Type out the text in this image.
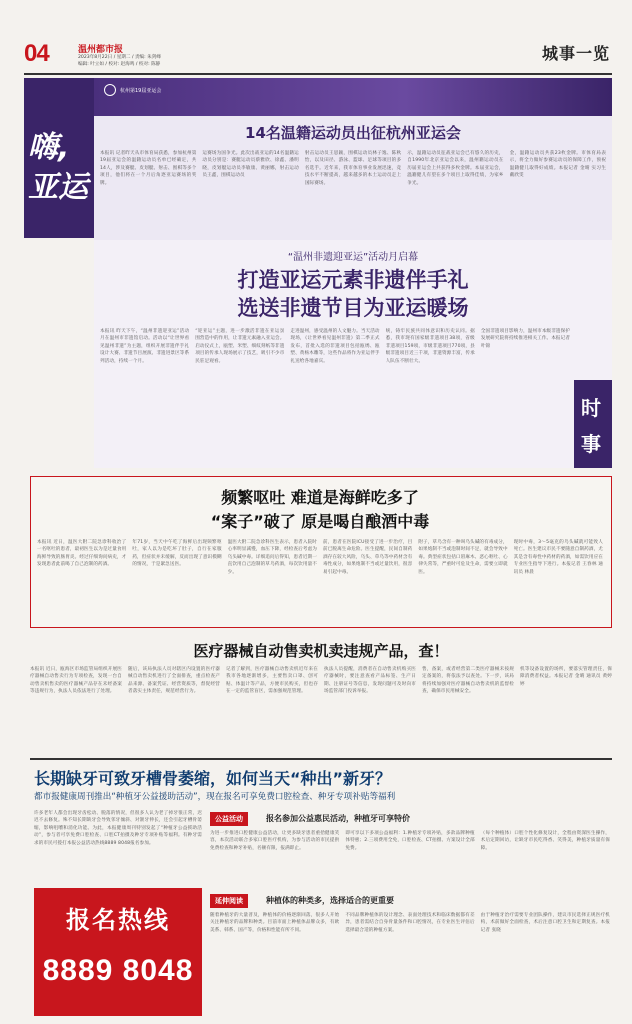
04	温州都市报
2023年8月22日 / 星期二 / 责编: 朱剑峰
编辑: 叶立如 / 校对: 赵海鸣 / 校对: 陈静
城事一览
嗨,亚运
杭州第19届亚运会
14名温籍运动员出征杭州亚运会
本报讯 记者昨天从市体育局获悉，参加杭州第19届亚运会的温籍运动员名单已经确定，共14人，涉及赛艇、皮划艇、射击、围棋等多个项目，他们将在一个月后角逐亚运赛场的奖牌。
运赛场为国争光。此次出战亚运的14名温籍运动员分别是：赛艇运动员蔡雅欣、徐鑫、潘明晓，皮划艇运动员李敏康、黄丽娜，射击运动员王鑫，围棋运动员
射击运动员王思颖，围棋运动员林子逸、陈秋怡，以及田径、游泳、篮球、足球等项目的多名选手。近年来，我市体育事业发展迅速，竞技水平不断提高，越来越多的本土运动员走上国际赛场。
示，温籍运动员征战亚运会已有悠久的历史，自1990年北京亚运会以来，温州籍运动员在历届亚运会上共获得多枚金牌。本届亚运会，温籍健儿有望在多个项目上取得佳绩，为家乡争光。
金，温籍运动员共获23枚金牌。市体育局表示，将全力做好参赛运动员的保障工作，预祝温籍健儿取得好成绩。本报记者 金晴 实习生 戴欣雯
“温州非遗迎亚运”活动月启幕
打造亚运元素非遗伴手礼
选送非遗节目为亚运暖场
本报讯 昨天下午，“温州非遗迎亚运”活动月在温州市非遗馆启动。活动以“让世界看见温州非遗”为主题，组织开展非遗伴手礼设计大赛、非遗节目展演、非遗进景区等系列活动，持续一个月。
“迎亚运”主题，进一步激活非遗在亚运氛围营造中的作用，让非遗元素融入亚运会。启动仪式上，瓯塑、米塑、细纹刻纸等非遗项目的传承人现场展示了技艺，吸引不少市民驻足观看。
走进温州，感受温州的人文魅力。当天活动现场，《让世界看见温州非遗》第二季正式发布，首批入选的非遗项目包括瓯绣、瓯塑、黄杨木雕等，这些作品将作为亚运伴手礼送给各地嘉宾。
统，铸牢民族共同体意识和历史认同。据悉，我市现有国家级非遗项目38项，省级非遗项目159项，市级非遗项目770项，县级非遗项目近三千项，非遗资源丰富，传承人队伍不断壮大。
全国非遗项目影响力，温州市本级非遗保护发展研究院将持续推进相关工作。本报记者 叶锦
时事
频繁呕吐 难道是海鲜吃多了
“案子”破了 原是喝自酿酒中毒
本报讯 近日，温医大附二院急诊科收治了一名呕吐的患者，最初医生以为是过量食用海鲜导致的肠胃炎。经过仔细询问病史，才发现患者此前喝了自己泡制的药酒。
年71岁，当天中午吃了海鲜后出现频繁呕吐，家人以为是吃坏了肚子，自行在家服药，但症状并未缓解，反而出现了意识模糊的情况，于是紧急送医。
温医大附二院急诊科医生表示，患者入院时心率明显减慢，血压下降，经检查后考虑为乌头碱中毒。详细追问后得知，患者近期一直饮用自己泡制的草乌药酒，每次饮用量不少。
前，患者在医院ICU接受了进一步治疗，目前已脱离生命危险。医生提醒，民间自制药酒存在较大风险，乌头、草乌等中药材含有毒性成分，如果炮制不当或过量饮用，很容易引起中毒。
附子，草乌含有一种叫乌头碱的有毒成分，如果炮制不当或泡制时间不足，就会导致中毒。典型症状包括口唇麻木、恶心呕吐、心律失常等，严重时可危及生命，需要立即就医。
现时中毒，3～5毫克的乌头碱就可能致人死亡。医生建议市民不要随意自制药酒，尤其是含有毒性中药材的药酒，如需饮用应在专业医生指导下进行。本报记者 王春林 通讯员 林晨
医疗器械自动售卖机卖违规产品，查！
本报讯 近日，瓯海区市场监管局组织开展医疗器械自动售卖行为专项检查，发现一台自动售卖机售卖的医疗器械产品存在未经备案等违规行为，执法人员依法进行了处理。
随后，该局执法人员对辖区内设置的医疗器械自动售卖机进行了全面排查，重点检查产品来源、备案凭证、经营资质等，督促经营者落实主体责任，规范经营行为。
记者了解到，医疗器械自动售卖机近年来在我市各地逐渐增多，主要售卖口罩、创可贴、体温计等产品，方便市民购买，但也存在一定的监管盲区，需加强规范管理。
执法人员提醒，消费者在自动售卖机购买医疗器械时，要注意查看产品标签、生产日期、注册证号等信息，发现问题可及时向市场监管部门投诉举报。
售，备案，或者经营第二类医疗器械未按规定备案的，将依法予以查处。下一步，该局将持续加强对医疗器械自动售卖机的监督检查，确保市民用械安全。
机等设备设置的场所，要落实管理责任，保障消费者权益。本报记者 金晴 通讯员 黄婷婷
长期缺牙可致牙槽骨萎缩，如何当天“种出”新牙？
都市报健康周刊推出“种植牙公益援助活动”，现在报名可享免费口腔检查、种牙专项补贴等福利
许多老年人都会出现牙齿松动、脱落的情况，但很多人认为老了掉牙很正常，迟迟不去修复。殊不知长期缺牙会导致邻牙倾斜、对颌牙伸长，还会引起牙槽骨萎缩，影响咀嚼和消化功能。为此，本报健康周刊特别发起了“种植牙公益援助活动”，参与者可享免费口腔检查、口腔CT拍摄及种牙专项补贴等福利。有种牙需求的市民可拨打本报公益活动热线8889 8048报名参加。
报名热线
8889 8048
公益活动	报名参加公益惠民活动，种植牙可享特价
为进一步推进口腔健康公益活动，让更多缺牙患者重拾健康笑容，本次活动联合多家口腔医疗机构，为参与活动的市民提供免费检查和种牙补贴，名额有限，报满即止。
即可享以下多项公益福利：1.种植牙专项补贴，多款品牌种植体特惠；2.三项费用全免，口腔检查、CT拍摄、方案设计全部免费。
（每个种植体）口腔个性化修复设计，全程由资深医生操作，术后定期回访，让缺牙市民吃得香、笑得美，种植牙质量有保障。
延伸阅读	种植体的种类多，选择适合的更重要
随着种植牙的大量普及，种植体的价格逐渐回落，很多人开始关注种植牙的品牌和种类。目前市面上种植体品牌众多，有欧美系、韩系、国产等，价格和性能有所不同。
不同品牌种植体的设计理念、表面处理技术和临床数据都有差异，患者需结合自身骨量条件和口腔情况，在专业医生评估后选择最合适的种植方案。
由于种植牙治疗需要专业团队操作，建议市民选择正规医疗机构，术前做好全面检查，术后注意口腔卫生和定期复查。本报记者 张晓
